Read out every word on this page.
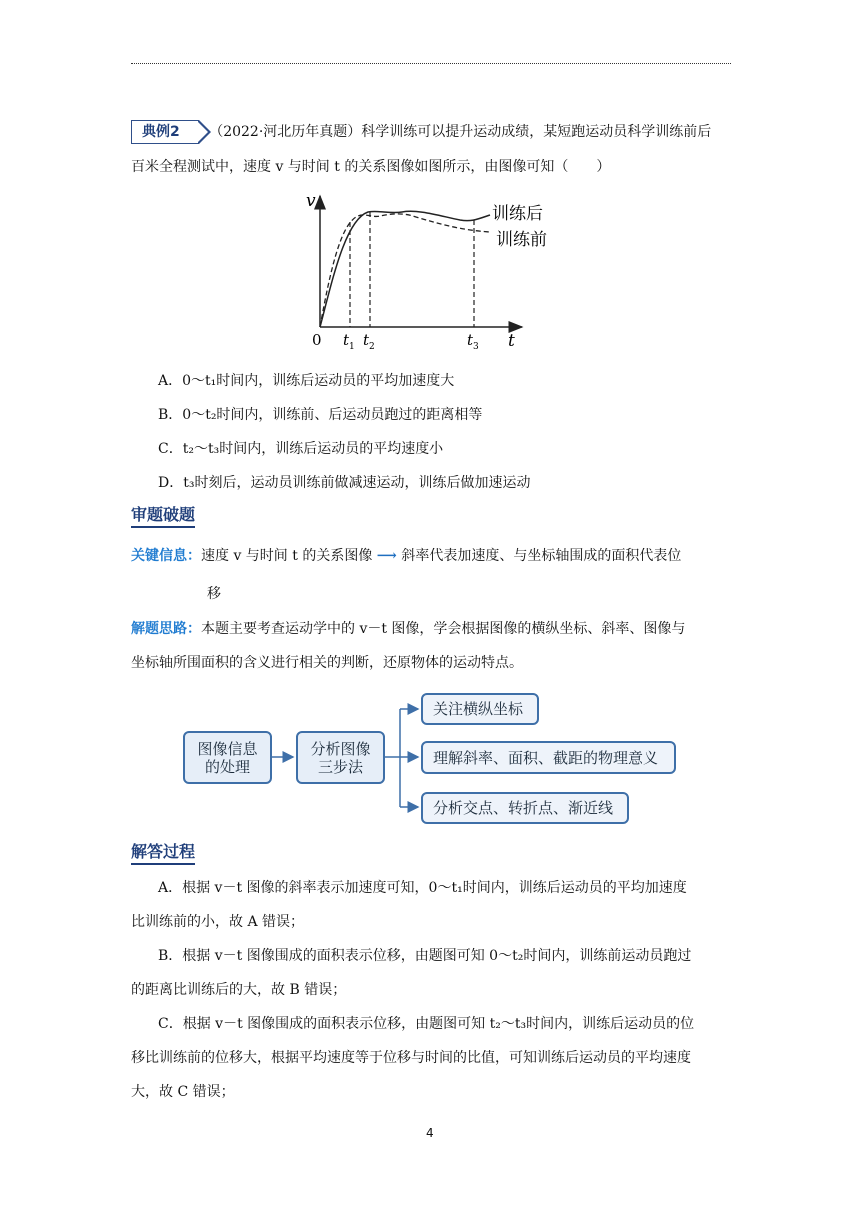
典例2 （2022·河北历年真题）科学训练可以提升运动成绩，某短跑运动员科学训练前后
百米全程测试中，速度 v 与时间 t 的关系图像如图所示，由图像可知（　　）
v
t
0 $t_1$ $t_2$	$t_3$
训练后
训练前
A．0～t₁时间内，训练后运动员的平均加速度大
B．0～t₂时间内，训练前、后运动员跑过的距离相等
C．t₂～t₃时间内，训练后运动员的平均速度小
D．t₃时刻后，运动员训练前做减速运动，训练后做加速运动
审题破题
关键信息：速度 v 与时间 t 的关系图像 ⟶ 斜率代表加速度、与坐标轴围成的面积代表位
移
解题思路：本题主要考查运动学中的 v－t 图像，学会根据图像的横纵坐标、斜率、图像与
坐标轴所围面积的含义进行相关的判断，还原物体的运动特点。
图像信息
的处理
分析图像
三步法
关注横纵坐标
理解斜率、面积、截距的物理意义
分析交点、转折点、渐近线
解答过程
A．根据 v－t 图像的斜率表示加速度可知，0～t₁时间内，训练后运动员的平均加速度
比训练前的小，故 A 错误；
B．根据 v－t 图像围成的面积表示位移，由题图可知 0～t₂时间内，训练前运动员跑过
的距离比训练后的大，故 B 错误；
C．根据 v－t 图像围成的面积表示位移，由题图可知 t₂～t₃时间内，训练后运动员的位
移比训练前的位移大，根据平均速度等于位移与时间的比值，可知训练后运动员的平均速度
大，故 C 错误；
4
